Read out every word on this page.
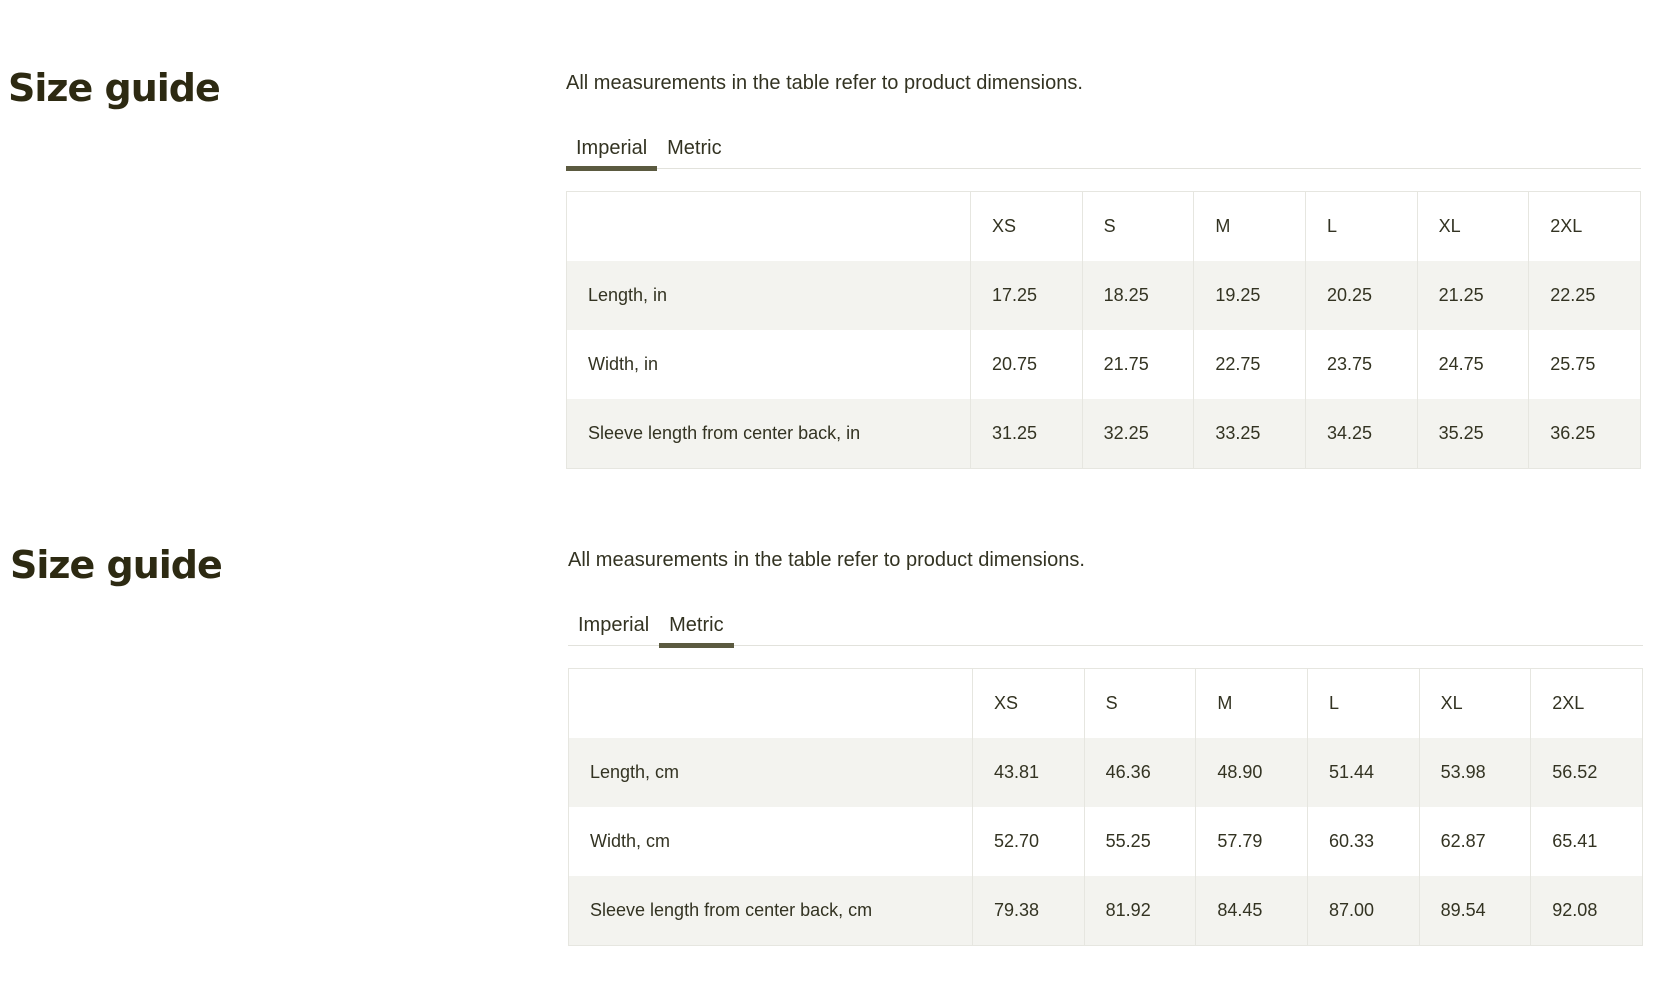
Size guide	All measurements in the table refer to product dimensions.

Imperial	Metric
	XS	S	M	L	XL	2XL
Length, in	17.25	18.25	19.25	20.25	21.25	22.25
Width, in	20.75	21.75	22.75	23.75	24.75	25.75
Sleeve length from center back, in	31.25	32.25	33.25	34.25	35.25	36.25
Size guide	All measurements in the table refer to product dimensions.

Imperial	Metric
	XS	S	M	L	XL	2XL
Length, cm	43.81	46.36	48.90	51.44	53.98	56.52
Width, cm	52.70	55.25	57.79	60.33	62.87	65.41
Sleeve length from center back, cm	79.38	81.92	84.45	87.00	89.54	92.08
